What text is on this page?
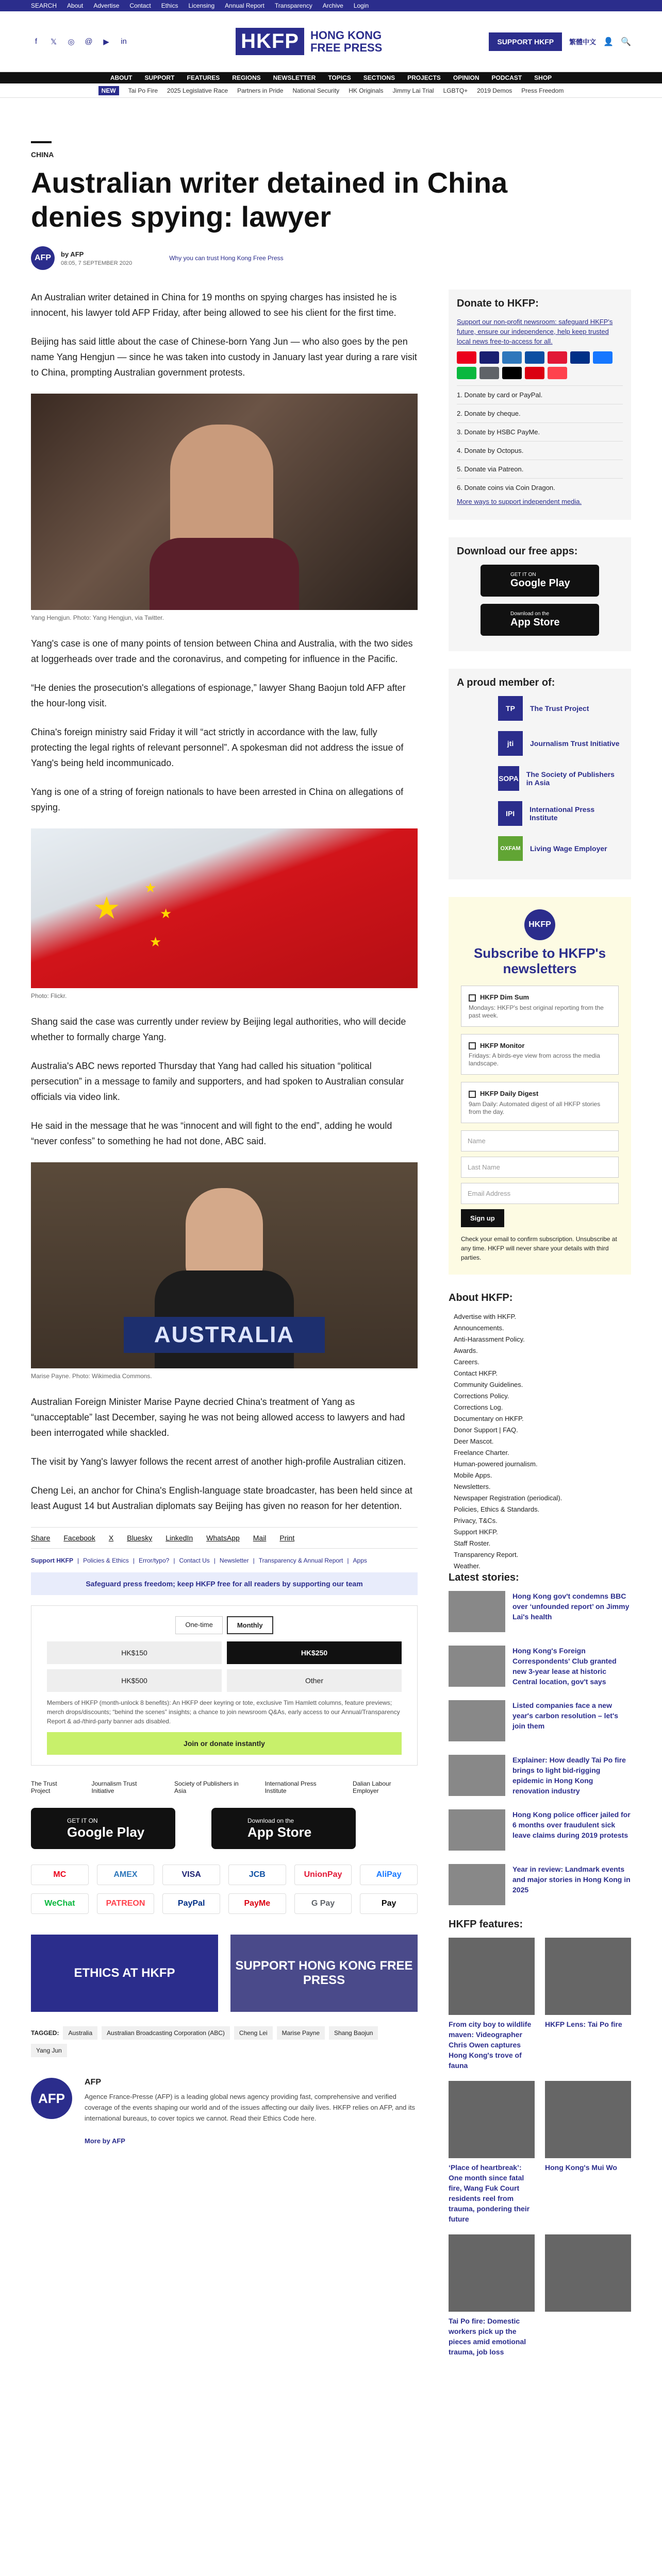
SEARCH About Advertise Contact Ethics Licensing Annual Report Transparency Archive Login
f	𝕏 ◎ @ ▶ in	HKFP	HONG KONG
FREE PRESS	SUPPORT HKFP	繁體中文 👤 🔍
ABOUT SUPPORT FEATURES REGIONS NEWSLETTER TOPICS SECTIONS PROJECTS OPINION PODCAST SHOP
NEW	Tai Po Fire 2025 Legislative Race Partners in Pride National Security HK Originals Jimmy Lai Trial LGBTQ+ 2019 Demos Press Freedom
CHINA
Australian writer detained in China denies spying: lawyer
AFP	by AFP
08:05, 7 SEPTEMBER 2020
Why you can trust Hong Kong Free Press

An Australian writer detained in China for 19 months on spying charges has insisted he is innocent, his lawyer told AFP Friday, after being allowed to see his client for the first time.

Beijing has said little about the case of Chinese-born Yang Jun — who also goes by the pen name Yang Hengjun — since he was taken into custody in January last year during a rare visit to China, prompting Australian government protests.

Yang Hengjun. Photo: Yang Hengjun, via Twitter.

Yang's case is one of many points of tension between China and Australia, with the two sides at loggerheads over trade and the coronavirus, and competing for influence in the Pacific.

“He denies the prosecution's allegations of espionage,” lawyer Shang Baojun told AFP after the hour-long visit.

China's foreign ministry said Friday it will “act strictly in accordance with the law, fully protecting the legal rights of relevant personnel”. A spokesman did not address the issue of Yang's being held incommunicado.

Yang is one of a string of foreign nationals to have been arrested in China on allegations of spying.

★
★
★
★
Photo: Flickr.

Shang said the case was currently under review by Beijing legal authorities, who will decide whether to formally charge Yang.

Australia's ABC news reported Thursday that Yang had called his situation “political persecution” in a message to family and supporters, and had spoken to Australian consular officials via video link.

He said in the message that he was “innocent and will fight to the end”, adding he would “never confess” to something he had not done, ABC said.

AUSTRALIA
Marise Payne. Photo: Wikimedia Commons.

Australian Foreign Minister Marise Payne decried China's treatment of Yang as “unacceptable” last December, saying he was not being allowed access to lawyers and had been interrogated while shackled.

The visit by Yang's lawyer follows the recent arrest of another high-profile Australian citizen.

Cheng Lei, an anchor for China's English-language state broadcaster, has been held since at least August 14 but Australian diplomats say Beijing has given no reason for her detention.

Share Facebook X Bluesky LinkedIn WhatsApp Mail Print
Support HKFP | Policies & Ethics | Error/typo? | Contact Us | Newsletter | Transparency & Annual Report | Apps
Safeguard press freedom; keep HKFP free for all readers by supporting our team
One-time	Monthly
HK$150	HK$250
HK$500	Other
Members of HKFP (month-unlock 8 benefits): An HKFP deer keyring or tote, exclusive Tim Hamlett columns, feature previews; merch drops/discounts; “behind the scenes” insights; a chance to join newsroom Q&As, early access to our Annual/Transparency Report & ad-/third-party banner ads disabled.
Join or donate instantly
The Trust Project
Journalism Trust Initiative
Society of Publishers in Asia
International Press Institute
Dalian Labour Employer
GET IT ON
Google Play
Download on the
App Store
MC	AMEX	VISA	JCB	UnionPay	AliPay
WeChat	PATREON	PayPal	PayMe	G Pay	Pay
ETHICS AT HKFP
SUPPORT HONG KONG FREE PRESS
TAGGED:	Australia	Australian Broadcasting Corporation (ABC)	Cheng Lei	Marise Payne	Shang Baojun
Yang Jun
AFP
AFP

Agence France-Presse (AFP) is a leading global news agency providing fast, comprehensive and verified coverage of the events shaping our world and of the issues affecting our daily lives. HKFP relies on AFP, and its international bureaus, to cover topics we cannot. Read their Ethics Code here.

More by AFP
Donate to HKFP:

Support our non-profit newsroom: safeguard HKFP's future, ensure our independence, help keep trusted local news free-to-access for all.

1. Donate by card or PayPal.
2. Donate by cheque.
3. Donate by HSBC PayMe.
4. Donate by Octopus.
5. Donate via Patreon.
6. Donate coins via Coin Dragon.

More ways to support independent media.

Download our free apps:
GET IT ON
Google Play
Download on the
App Store
A proud member of:
TP	The Trust Project
jti	Journalism Trust Initiative
SOPA The Society of Publishers in Asia
IPI	International Press Institute
OXFAM	Living Wage Employer
HKFP
Subscribe to HKFP's newsletters
HKFP Dim Sum
Mondays: HKFP's best original reporting from the past week.
HKFP Monitor
Fridays: A birds-eye view from across the media landscape.
HKFP Daily Digest
9am Daily: Automated digest of all HKFP stories from the day.
Name
Last Name
Email Address
Sign up

Check your email to confirm subscription. Unsubscribe at any time. HKFP will never share your details with third parties.

About HKFP:
Advertise with HKFP.
Announcements.
Anti-Harassment Policy.
Awards.
Careers.
Contact HKFP.
Community Guidelines.
Corrections Policy.
Corrections Log.
Documentary on HKFP.
Donor Support | FAQ.
Deer Mascot.
Freelance Charter.
Human-powered journalism.
Mobile Apps.
Newsletters.
Newspaper Registration (periodical).
Policies, Ethics & Standards.
Privacy, T&Cs.
Support HKFP.
Staff Roster.
Transparency Report.
Weather.
Latest stories:
Hong Kong gov't condemns BBC over ‘unfounded report’ on Jimmy Lai's health
Hong Kong's Foreign Correspondents' Club granted new 3-year lease at historic Central location, gov't says
Listed companies face a new year's carbon resolution – let's join them
Explainer: How deadly Tai Po fire brings to light bid-rigging epidemic in Hong Kong renovation industry
Hong Kong police officer jailed for 6 months over fraudulent sick leave claims during 2019 protests
Year in review: Landmark events and major stories in Hong Kong in 2025
HKFP features:
From city boy to wildlife maven: Videographer Chris Owen captures Hong Kong's trove of fauna
HKFP Lens: Tai Po fire
‘Place of heartbreak’: One month since fatal fire, Wang Fuk Court residents reel from trauma, pondering their future
Hong Kong's Mui Wo
Tai Po fire: Domestic workers pick up the pieces amid emotional trauma, job loss
